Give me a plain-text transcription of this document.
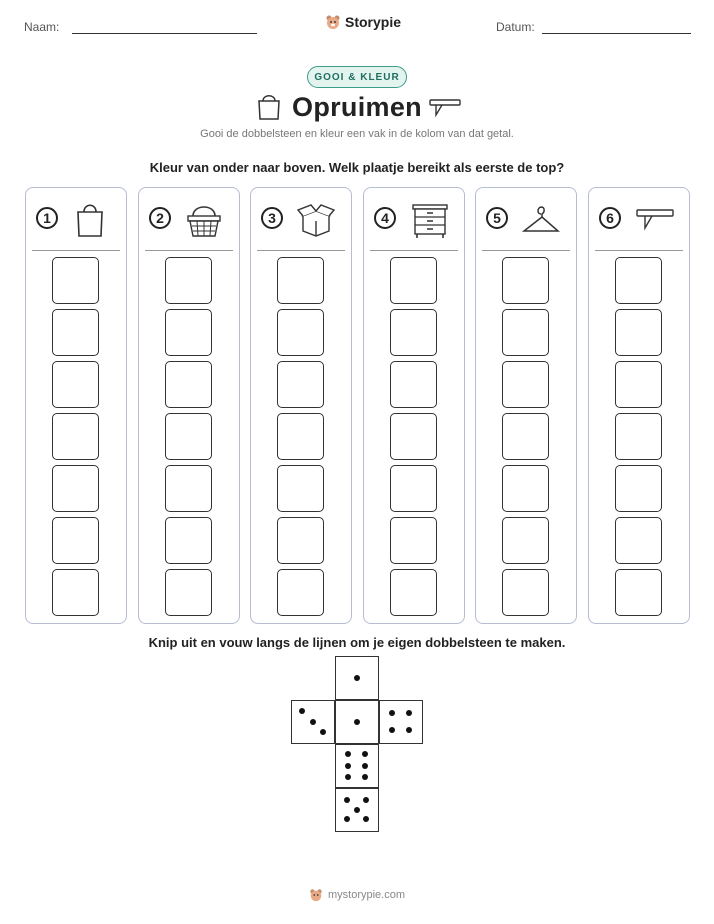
Naam:	Storypie	Datum:
GOOI & KLEUR
Opruimen
Gooi de dobbelsteen en kleur een vak in de kolom van dat getal.
Kleur van onder naar boven. Welk plaatje bereikt als eerste de top?
1	2	3	4	5	6
Knip uit en vouw langs de lijnen om je eigen dobbelsteen te maken.
mystorypie.com
